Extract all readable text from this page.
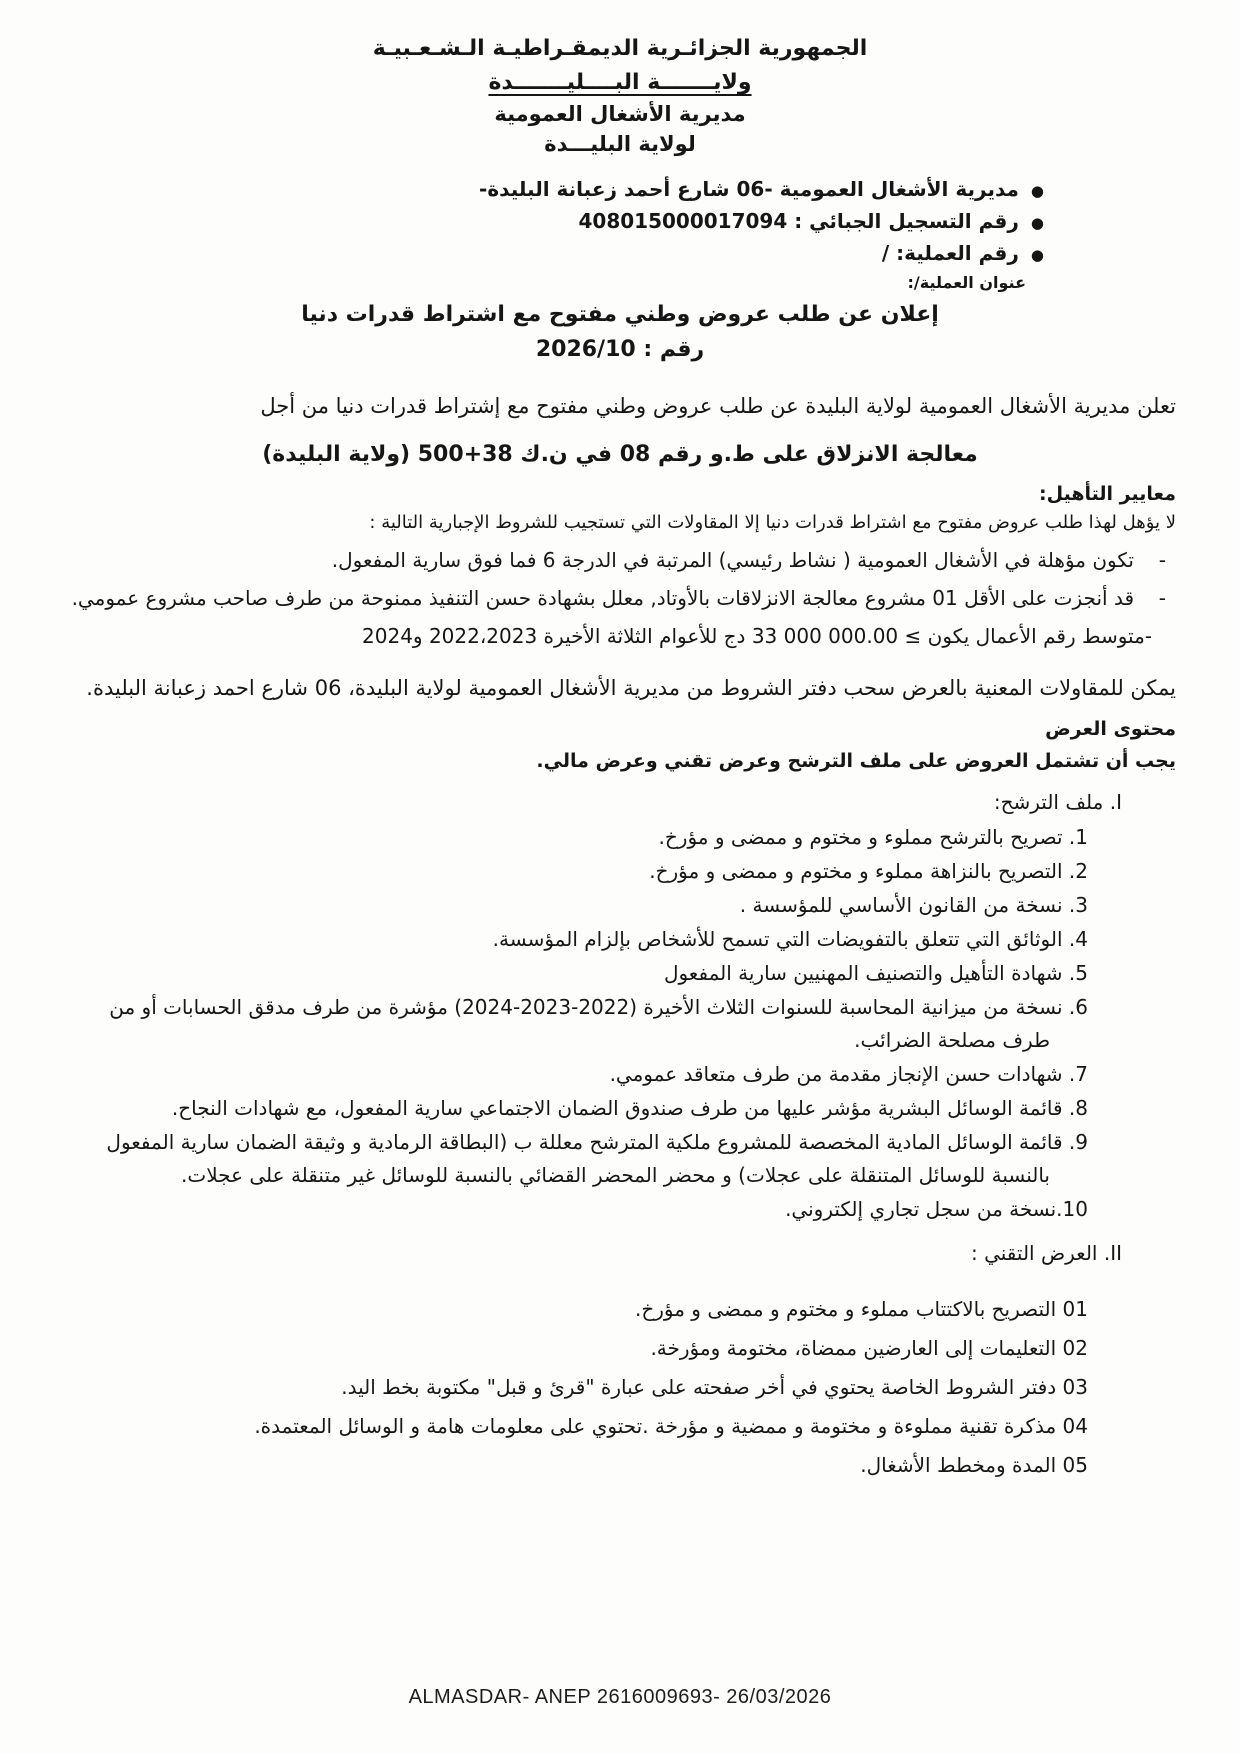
الجمهورية الجزائـرية الديمقـراطيـة الـشـعـبيـة
ولايـــــــة البــــليـــــــدة
مديرية الأشغال العمومية
لولاية البليـــدة
●
مديرية الأشغال العمومية -06 شارع أحمد زعبانة البليدة-
●
رقم التسجيل الجبائي : 408015000017094
●
رقم العملية: /
عنوان العملية/:
إعلان عن طلب عروض وطني مفتوح مع اشتراط قدرات دنيا
رقم : 2026/10
تعلن مديرية الأشغال العمومية لولاية البليدة عن طلب عروض وطني مفتوح مع إشتراط قدرات دنيا من أجل
معالجة الانزلاق على ط.و رقم 08 في ن.ك 38+500 (ولاية البليدة)
معايير التأهيل:
لا يؤهل لهذا طلب عروض مفتوح مع اشتراط قدرات دنيا إلا المقاولات التي تستجيب للشروط الإجبارية التالية :
-
تكون مؤهلة في الأشغال العمومية ( نشاط رئيسي) المرتبة في الدرجة 6 فما فوق سارية المفعول.
-
قد أنجزت على الأقل 01 مشروع معالجة الانزلاقات بالأوتاد, معلل بشهادة حسن التنفيذ ممنوحة من طرف صاحب مشروع عمومي.
-متوسط رقم الأعمال يكون ≤ 33 000 000.00 دج للأعوام الثلاثة الأخيرة 2022،2023 و2024
يمكن للمقاولات المعنية بالعرض سحب دفتر الشروط من مديرية الأشغال العمومية لولاية البليدة، 06 شارع احمد زعبانة البليدة.
محتوى العرض
يجب أن تشتمل العروض على ملف الترشح وعرض تقني وعرض مالي.
I. ملف الترشح:
1. تصريح بالترشح مملوء و مختوم و ممضى و مؤرخ.
2. التصريح بالنزاهة مملوء و مختوم و ممضى و مؤرخ.
3. نسخة من القانون الأساسي للمؤسسة .
4. الوثائق التي تتعلق بالتفويضات التي تسمح للأشخاص بإلزام المؤسسة.
5. شهادة التأهيل والتصنيف المهنيين سارية المفعول
6. نسخة من ميزانية المحاسبة للسنوات الثلاث الأخيرة (2022-2023-2024) مؤشرة من طرف مدقق الحسابات أو من طرف مصلحة الضرائب.
7. شهادات حسن الإنجاز مقدمة من طرف متعاقد عمومي.
8. قائمة الوسائل البشرية مؤشر عليها من طرف صندوق الضمان الاجتماعي سارية المفعول، مع شهادات النجاح.
9. قائمة الوسائل المادية المخصصة للمشروع ملكية المترشح معللة ب (البطاقة الرمادية و وثيقة الضمان سارية المفعول بالنسبة للوسائل المتنقلة على عجلات) و محضر المحضر القضائي بالنسبة للوسائل غير متنقلة على عجلات.
10.نسخة من سجل تجاري إلكتروني.
II. العرض التقني :
01 التصريح بالاكتتاب مملوء و مختوم و ممضى و مؤرخ.
02 التعليمات إلى العارضين ممضاة، مختومة ومؤرخة.
03 دفتر الشروط الخاصة يحتوي في أخر صفحته على عبارة "قرئ و قبل" مكتوبة بخط اليد.
04 مذكرة تقنية مملوءة و مختومة و ممضية و مؤرخة .تحتوي على معلومات هامة و الوسائل المعتمدة.
05 المدة ومخطط الأشغال.
ALMASDAR- ANEP 2616009693- 26/03/2026
